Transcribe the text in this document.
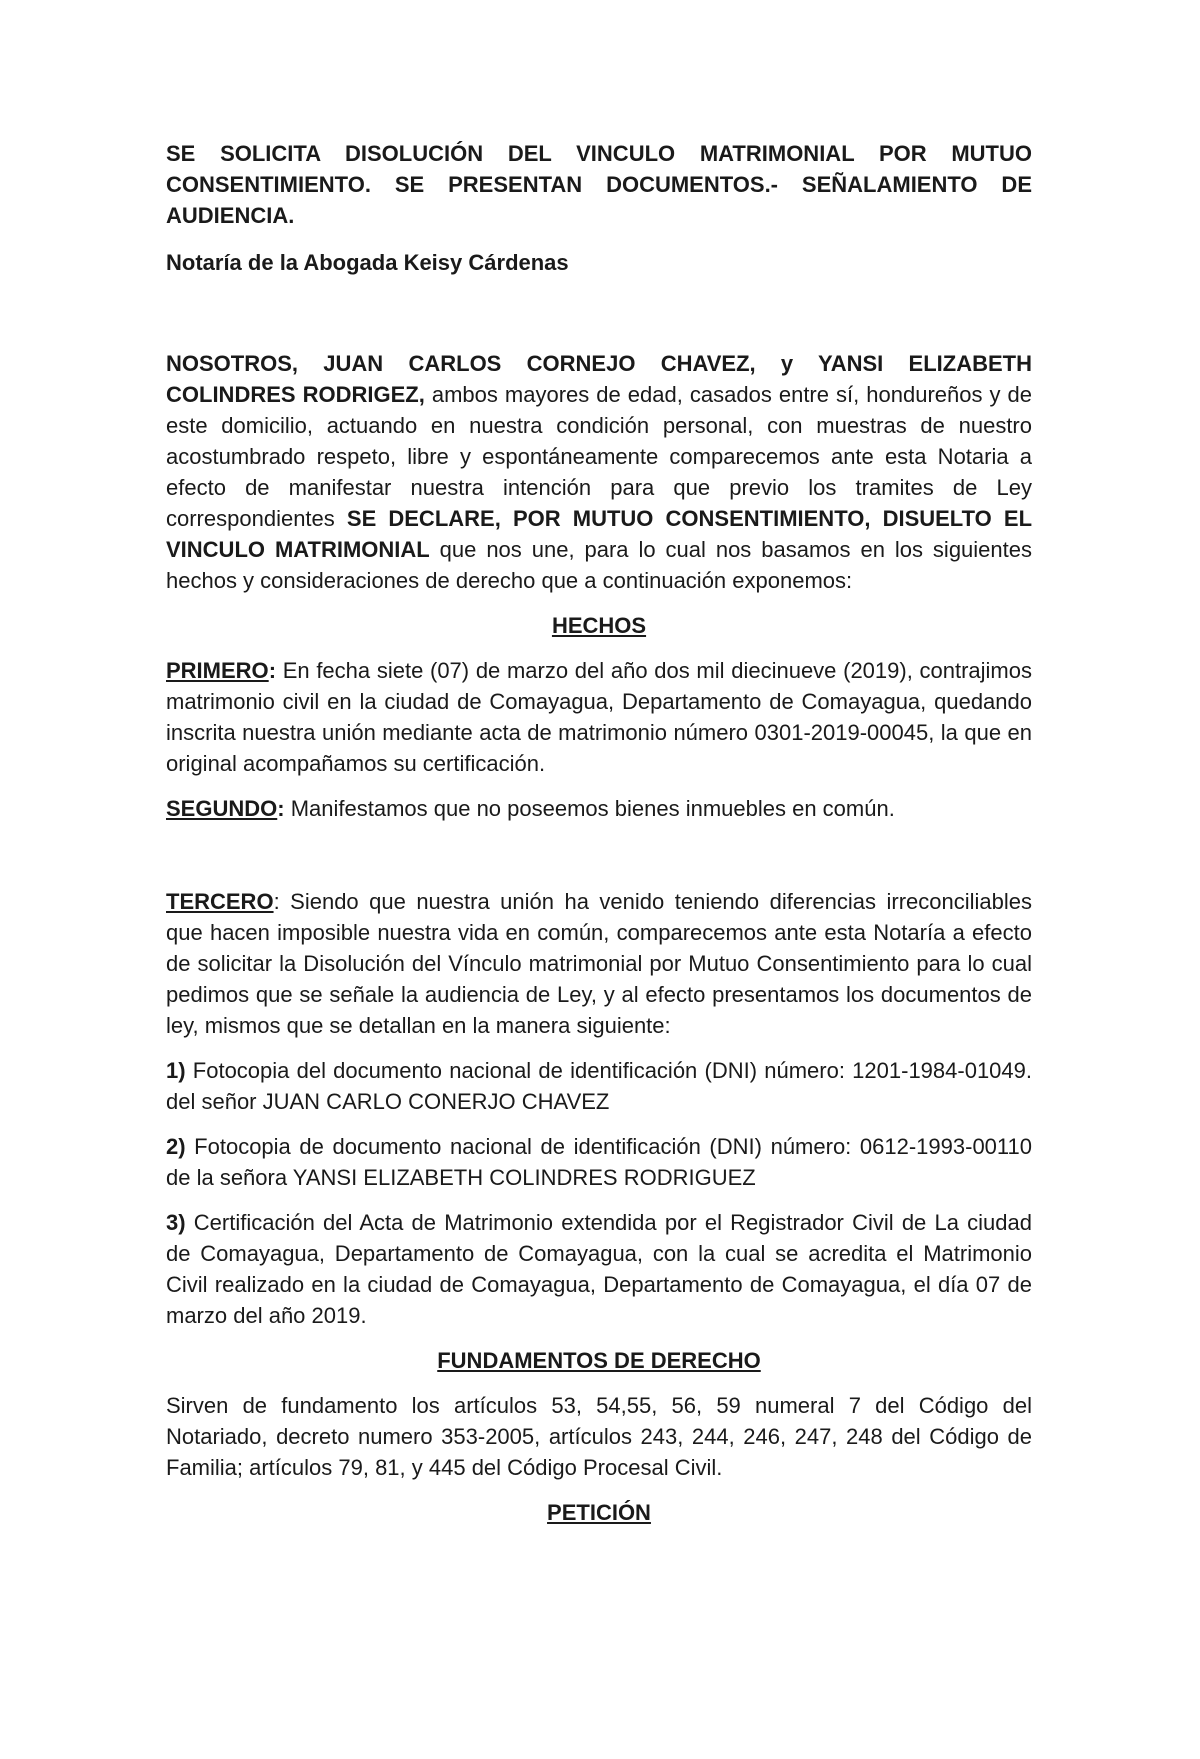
SE SOLICITA DISOLUCIÓN DEL VINCULO MATRIMONIAL POR MUTUO CONSENTIMIENTO. SE PRESENTAN DOCUMENTOS.- SEÑALAMIENTO DE AUDIENCIA.

Notaría de la Abogada Keisy Cárdenas

NOSOTROS, JUAN CARLOS CORNEJO CHAVEZ, y YANSI ELIZABETH COLINDRES RODRIGEZ, ambos mayores de edad, casados entre sí, hondureños y de este domicilio, actuando en nuestra condición personal, con muestras de nuestro acostumbrado respeto, libre y espontáneamente comparecemos ante esta Notaria a efecto de manifestar nuestra intención para que previo los tramites de Ley correspondientes SE DECLARE, POR MUTUO CONSENTIMIENTO, DISUELTO EL VINCULO MATRIMONIAL que nos une, para lo cual nos basamos en los siguientes hechos y consideraciones de derecho que a continuación exponemos:

HECHOS

PRIMERO: En fecha siete (07) de marzo del año dos mil diecinueve (2019), contrajimos matrimonio civil en la ciudad de Comayagua, Departamento de Comayagua, quedando inscrita nuestra unión mediante acta de matrimonio número 0301-2019-00045, la que en original acompañamos su certificación.

SEGUNDO: Manifestamos que no poseemos bienes inmuebles en común.

TERCERO: Siendo que nuestra unión ha venido teniendo diferencias irreconciliables que hacen imposible nuestra vida en común, comparecemos ante esta Notaría a efecto de solicitar la Disolución del Vínculo matrimonial por Mutuo Consentimiento para lo cual pedimos que se señale la audiencia de Ley, y al efecto presentamos los documentos de ley, mismos que se detallan en la manera siguiente:

1) Fotocopia del documento nacional de identificación (DNI) número: 1201-1984-01049. del señor JUAN CARLO CONERJO CHAVEZ

2) Fotocopia de documento nacional de identificación (DNI) número: 0612-1993-00110 de la señora YANSI ELIZABETH COLINDRES RODRIGUEZ

3) Certificación del Acta de Matrimonio extendida por el Registrador Civil de La ciudad de Comayagua, Departamento de Comayagua, con la cual se acredita el Matrimonio Civil realizado en la ciudad de Comayagua, Departamento de Comayagua, el día 07 de marzo del año 2019.

FUNDAMENTOS DE DERECHO

Sirven de fundamento los artículos 53, 54,55, 56, 59 numeral 7 del Código del Notariado, decreto numero 353-2005, artículos 243, 244, 246, 247, 248 del Código de Familia; artículos 79, 81, y 445 del Código Procesal Civil.

PETICIÓN
